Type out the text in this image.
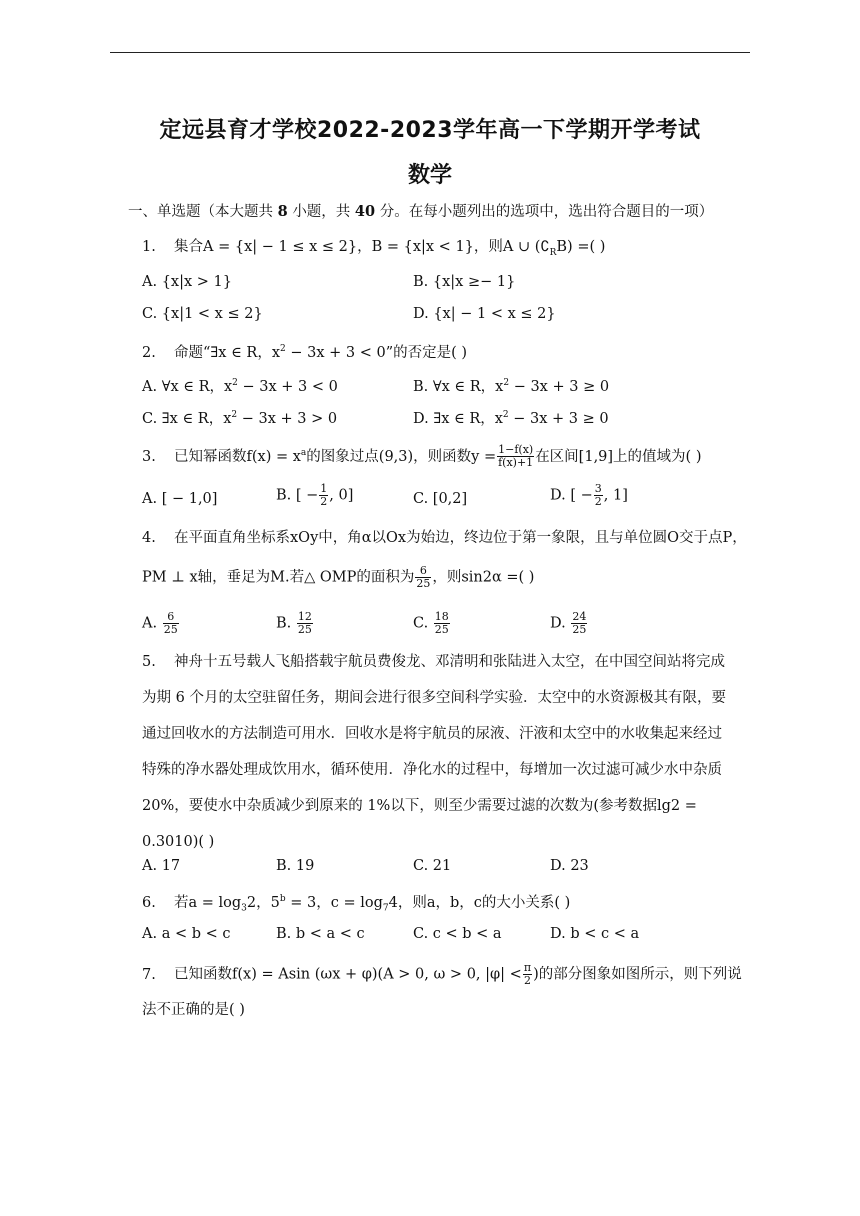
定远县育才学校2022-2023学年高一下学期开学考试
数学
一、单选题（本大题共 8 小题，共 40 分。在每小题列出的选项中，选出符合题目的一项）
1. 集合A = {x| − 1 ≤ x ≤ 2}，B = {x|x < 1}，则A ∪ $(∁_RB)$ =( )
A. {x|x > 1}	B. {x|x ≥− 1}
C. {x|1 < x ≤ 2}	D. {x| − 1 < x ≤ 2}
2. 命题“∃x ∈ R，$x^2 - 3x + 3 < 0$”的否定是( )
A. ∀x ∈ R，$x^2 - 3x + 3 < 0$	B. ∀x ∈ R，$x^2 - 3x + 3 \ge 0$
C. ∃x ∈ R，$x^2 - 3x + 3 > 0$	D. ∃x ∈ R，$x^2 - 3x + 3 \ge 0$
3. 已知幂函数$f(x) = x^a$的图象过点(9,3)，则函数$y = \frac{1-f(x)}{f(x)+1}$ 在区间[1,9]上的值域为( )
A. [ − 1,0]	B. [ − $\frac{1}{2}$ , 0]	C. [0,2]	D. [ − $\frac{3}{2}$ , 1]
4. 在平面直角坐标系xOy中，角α以Ox为始边，终边位于第一象限，且与单位圆O交于点P，
PM ⊥ x轴，垂足为M.若△ OMP的面积为 $\frac{6}{25}$ ，则sin2α =( )
A. $\frac{6}{25}$	B. $\frac{12}{25}$	C. $\frac{18}{25}$	D. $\frac{24}{25}$
5. 神舟十五号载人飞船搭载宇航员费俊龙、邓清明和张陆进入太空，在中国空间站将完成
为期 6 个月的太空驻留任务，期间会进行很多空间科学实验．太空中的水资源极其有限，要
通过回收水的方法制造可用水．回收水是将宇航员的尿液、汗液和太空中的水收集起来经过
特殊的净水器处理成饮用水，循环使用．净化水的过程中，每增加一次过滤可减少水中杂质
20%，要使水中杂质减少到原来的 1%以下，则至少需要过滤的次数为(参考数据lg2 =
0.3010)( )
A. 17	B. 19	C. 21	D. 23
6. 若$a = \log_32$，$5^b = 3$，$c = \log_74$，则a，b，c的大小关系( )
A. a < b < c	B. b < a < c	C. c < b < a	D. b < c < a
7. 已知函数f(x) = Asin (ωx + φ)(A > 0, ω > 0, $|\varphi| < \frac{\pi}{2}$ )的部分图象如图所示，则下列说
法不正确的是( )
